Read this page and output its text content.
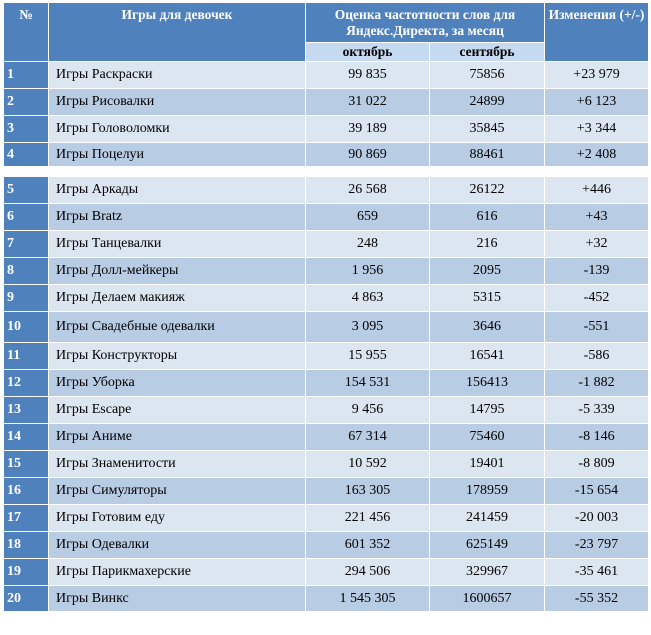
№	Игры для девочек	Оценка частотности слов для Яндекс.Директа, за месяц		Изменения (+/-)
		октябрь	сентябрь	
1	Игры Раскраски	99 835	75856	+23 979
2	Игры Рисовалки	31 022	24899	+6 123
3	Игры Головоломки	39 189	35845	+3 344
4	Игры Поцелуи	90 869	88461	+2 408

5	Игры Аркады	26 568	26122	+446
6	Игры Bratz	659	616	+43
7	Игры Танцевалки	248	216	+32
8	Игры Долл-мейкеры	1 956	2095	-139
9	Игры Делаем макияж	4 863	5315	-452
10	Игры Свадебные одевалки	3 095	3646	-551
11	Игры Конструкторы	15 955	16541	-586
12	Игры Уборка	154 531	156413	-1 882
13	Игры Escape	9 456	14795	-5 339
14	Игры Аниме	67 314	75460	-8 146
15	Игры Знаменитости	10 592	19401	-8 809
16	Игры Симуляторы	163 305	178959	-15 654
17	Игры Готовим еду	221 456	241459	-20 003
18	Игры Одевалки	601 352	625149	-23 797
19	Игры Парикмахерские	294 506	329967	-35 461
20	Игры Винкс	1 545 305	1600657	-55 352
